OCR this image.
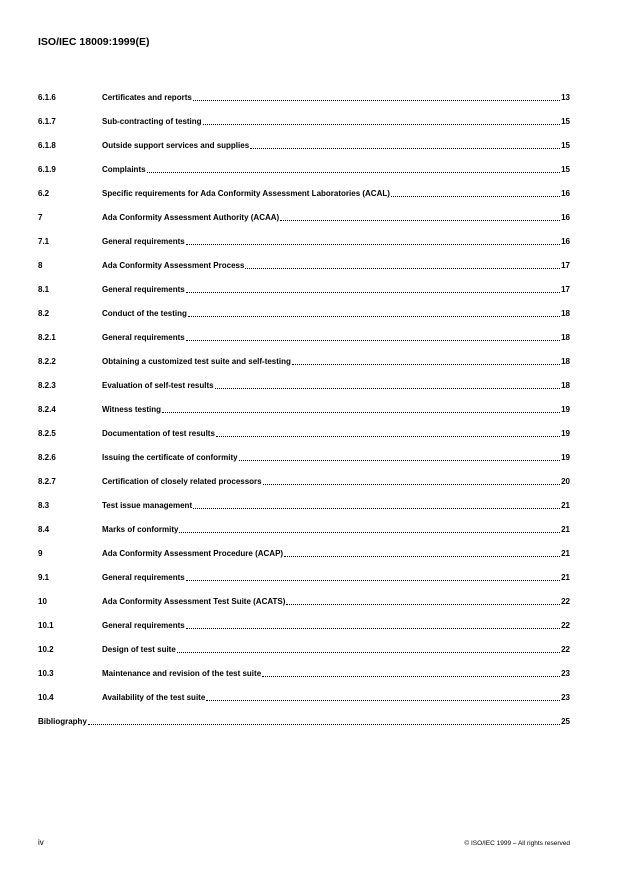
ISO/IEC 18009:1999(E)
6.1.6	Certificates and reports	13
6.1.7	Sub-contracting of testing	15
6.1.8	Outside support services and supplies	15
6.1.9	Complaints	15
6.2	Specific requirements for Ada Conformity Assessment Laboratories (ACAL)	16
7	Ada Conformity Assessment Authority (ACAA)	16
7.1	General requirements	16
8	Ada Conformity Assessment Process	17
8.1	General requirements	17
8.2	Conduct of the testing	18
8.2.1	General requirements	18
8.2.2	Obtaining a customized test suite and self-testing	18
8.2.3	Evaluation of self-test results	18
8.2.4	Witness testing	19
8.2.5	Documentation of test results	19
8.2.6	Issuing the certificate of conformity	19
8.2.7	Certification of closely related processors	20
8.3	Test issue management	21
8.4	Marks of conformity	21
9	Ada Conformity Assessment Procedure (ACAP)	21
9.1	General requirements	21
10	Ada Conformity Assessment Test Suite (ACATS)	22
10.1	General requirements	22
10.2	Design of test suite	22
10.3	Maintenance and revision of the test suite	23
10.4	Availability of the test suite	23
Bibliography	25
iv	© ISO/IEC 1999 – All rights reserved
